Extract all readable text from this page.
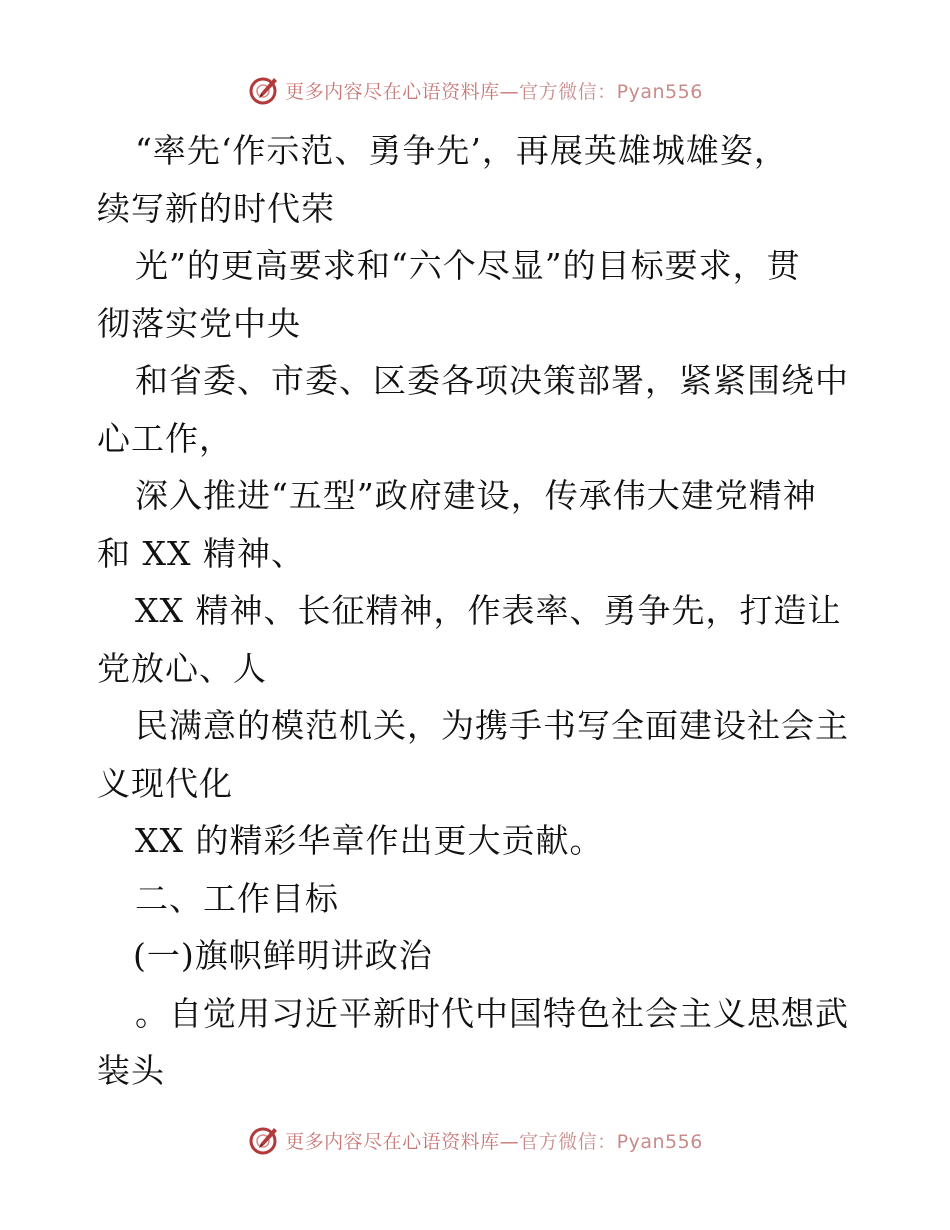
更多内容尽在心语资料库—官方微信：Pyan556
“率先‘作示范、勇争先’，再展英雄城雄姿，
续写新的时代荣
光”的更高要求和“六个尽显”的目标要求，贯
彻落实党中央
和省委、市委、区委各项决策部署，紧紧围绕中
心工作，
深入推进“五型”政府建设，传承伟大建党精神
和 XX 精神、
XX 精神、长征精神，作表率、勇争先，打造让
党放心、人
民满意的模范机关，为携手书写全面建设社会主
义现代化
XX 的精彩华章作出更大贡献。
二、工作目标
(一)旗帜鲜明讲政治
。自觉用习近平新时代中国特色社会主义思想武
装头
更多内容尽在心语资料库—官方微信：Pyan556
